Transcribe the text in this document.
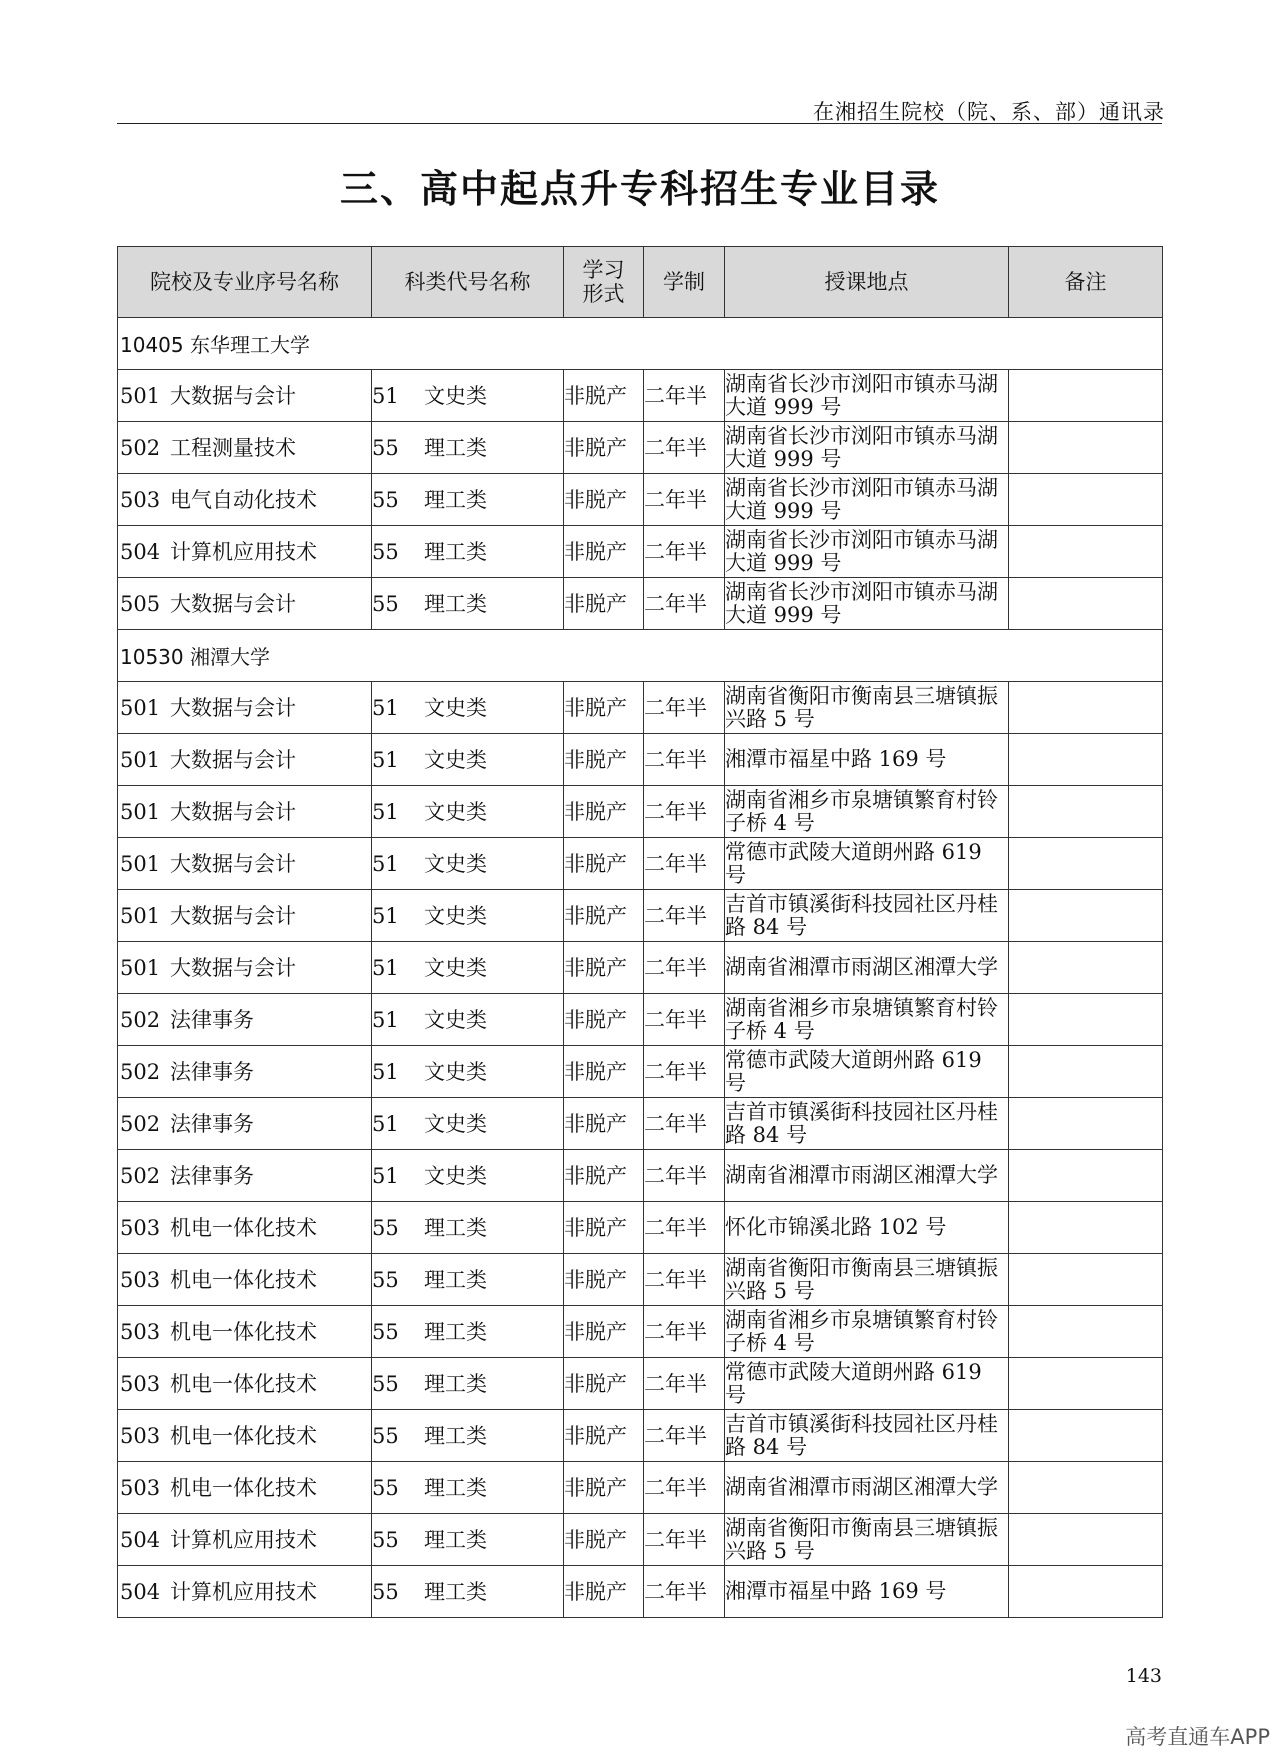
在湘招生院校（院、系、部）通讯录
三、高中起点升专科招生专业目录
院校及专业序号名称	科类代号名称	学习形式	学制	授课地点	备注
10405 东华理工大学					
501 大数据与会计	51 文史类	非脱产	二年半	湖南省长沙市浏阳市镇赤马湖大道 999 号	
502 工程测量技术	55 理工类	非脱产	二年半	湖南省长沙市浏阳市镇赤马湖大道 999 号	
503 电气自动化技术	55 理工类	非脱产	二年半	湖南省长沙市浏阳市镇赤马湖大道 999 号	
504 计算机应用技术	55 理工类	非脱产	二年半	湖南省长沙市浏阳市镇赤马湖大道 999 号	
505 大数据与会计	55 理工类	非脱产	二年半	湖南省长沙市浏阳市镇赤马湖大道 999 号	
10530 湘潭大学					
501 大数据与会计	51 文史类	非脱产	二年半	湖南省衡阳市衡南县三塘镇振兴路 5 号	
501 大数据与会计	51 文史类	非脱产	二年半	湘潭市福星中路 169 号	
501 大数据与会计	51 文史类	非脱产	二年半	湖南省湘乡市泉塘镇繁育村铃子桥 4 号	
501 大数据与会计	51 文史类	非脱产	二年半	常德市武陵大道朗州路 619 号	
501 大数据与会计	51 文史类	非脱产	二年半	吉首市镇溪街科技园社区丹桂路 84 号	
501 大数据与会计	51 文史类	非脱产	二年半	湖南省湘潭市雨湖区湘潭大学	
502 法律事务	51 文史类	非脱产	二年半	湖南省湘乡市泉塘镇繁育村铃子桥 4 号	
502 法律事务	51 文史类	非脱产	二年半	常德市武陵大道朗州路 619 号	
502 法律事务	51 文史类	非脱产	二年半	吉首市镇溪街科技园社区丹桂路 84 号	
502 法律事务	51 文史类	非脱产	二年半	湖南省湘潭市雨湖区湘潭大学	
503 机电一体化技术	55 理工类	非脱产	二年半	怀化市锦溪北路 102 号	
503 机电一体化技术	55 理工类	非脱产	二年半	湖南省衡阳市衡南县三塘镇振兴路 5 号	
503 机电一体化技术	55 理工类	非脱产	二年半	湖南省湘乡市泉塘镇繁育村铃子桥 4 号	
503 机电一体化技术	55 理工类	非脱产	二年半	常德市武陵大道朗州路 619 号	
503 机电一体化技术	55 理工类	非脱产	二年半	吉首市镇溪街科技园社区丹桂路 84 号	
503 机电一体化技术	55 理工类	非脱产	二年半	湖南省湘潭市雨湖区湘潭大学	
504 计算机应用技术	55 理工类	非脱产	二年半	湖南省衡阳市衡南县三塘镇振兴路 5 号	
504 计算机应用技术	55 理工类	非脱产	二年半	湘潭市福星中路 169 号	
143
高考直通车APP
